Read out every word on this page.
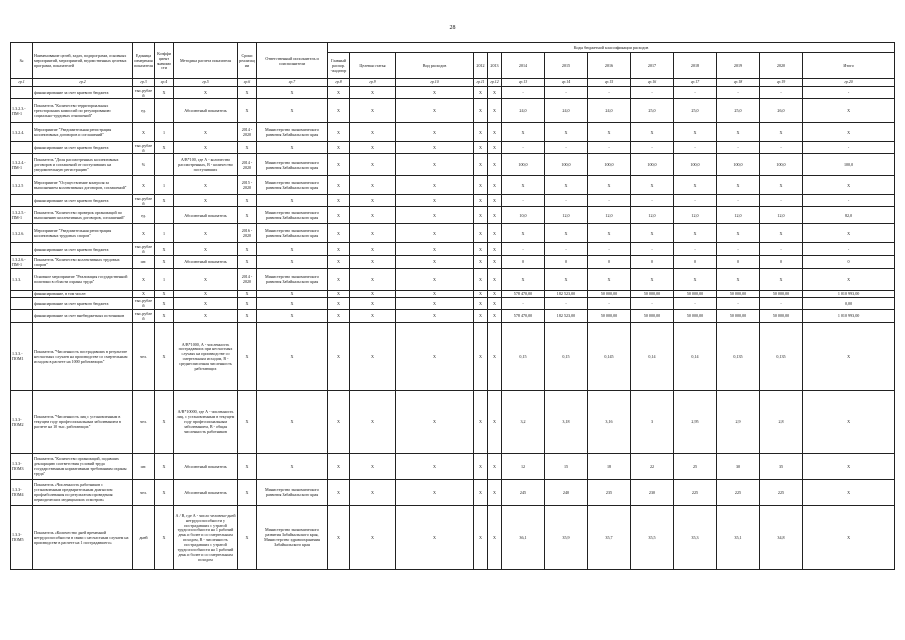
28
№	Наименование целей, задач, подпрограмм, основных мероприятий, мероприятий, ведомственных целевых программ, показателей	Единица измерения показателя	Коэффи циент значимо сти	Методика расчета показателя	Сроки реализац ии	Ответственный исполнитель и соисполнители	Коды бюджетной классификации расходов												
							Главный распор. -жадатор	Целевая статья	Вид расходов	2012	2013	2014	2015	2016	2017	2018	2019	2020	Итого
гр.1	гр.2	гр.3	гр.4	гр.5	гр.6	гр.7	гр.8	гр.9	гр.10	гр.11	гр.12	гр.13	гр.14	гр.15	гр.16	гр.17	гр.18	гр.19	гр.20
	финансирование за счет краевого бюджета	тыс.рублей	Х	Х	Х	Х	Х	Х	Х	Х	Х	-	-	-	-	-	-	-	-
1.3.2.3.-ПМ-1	Показатель "Количество территориальных трехсторонних комиссий по регулированию социально-трудовых отношений"	ед.		Абсолютный показатель	Х	Х	Х	Х	Х	Х	Х	24,0	24,0	24,0	25,0	25,0	25,0	26,0	Х
1.3.2.4.	Мероприятие "Уведомительная регистрация коллективных договоров и соглашений"	Х	1	Х	2014 - 2020	Министерство экономического развития Забайкальского края	Х	Х	Х	Х	Х	Х	Х	Х	Х	Х	Х	Х	Х
	финансирование за счет краевого бюджета	тыс.рублей	Х	Х	Х	Х	Х	Х	Х	Х	Х	-	-	-	-	-	-	-	-
1.3.2.4.-ПМ-1	Показатель "Доля рассмотренных коллективных договоров и соглашений от поступивших на уведомительную регистрацию"	%		А/В*100, где А - количество рассмотренных, В - количество поступивших	2014 - 2020	Министерство экономического развития Забайкальского края	Х	Х	Х	Х	Х	100,0	100,0	100,0	100,0	100,0	100,0	100,0	100,0
1.3.2.5	Мероприятие "Осуществление контроля за выполнением коллективных договоров, соглашений"	Х	1	Х	2015 - 2020	Министерство экономического развития Забайкальского края	Х	Х	Х	Х	Х	Х	Х	Х	Х	Х	Х	Х	Х
	финансирование за счет краевого бюджета	тыс.рублей	Х	Х	Х	Х	Х	Х	Х	Х	Х	-	-	-	-	-	-	-	-
1.3.2.5.-ПМ-1	Показатель "Количество проверок организаций по выполнению коллективных договоров, соглашений"	ед.		Абсолютный показатель	Х	Министерство экономического развития Забайкальского края	Х	Х	Х	Х	Х	10,0	12,0	12,0	12,0	12,0	12,0	12,0	82,0
1.3.2.6.	Мероприятие "Уведомительная регистрация коллективных трудовых споров"	Х	1	Х	2016 - 2020	Министерство экономического развития Забайкальского края	Х	Х	Х	Х	Х	Х	Х	Х	Х	Х	Х	Х	Х
	финансирование за счет краевого бюджета	тыс.рублей	Х	Х	Х	Х	Х	Х	Х	Х	Х	-	-	-	-	-	-	-	-
1.3.2.6.-ПМ-1	Показатель "Количество коллективных трудовых споров"	шт.	Х	Абсолютный показатель	Х	Х	Х	Х	Х	Х	Х	0	0	0	0	0	0	0	0
1.3.3.	Основное мероприятие "Реализация государственной политики в области охраны труда"	Х	1	Х	2014 - 2020	Министерство экономического развития Забайкальского края	Х	Х	Х	Х	Х	Х	Х	Х	Х	Х	Х	Х	Х
	финансирование, в том числе:	Х	Х	Х	Х	Х	Х	Х	Х	Х	Х	578 470,00	182 523,00	50 000,00	50 000,00	50 000,00	50 000,00	50 000,00	1 010 993,00
	финансирование за счет краевого бюджета	тыс.рублей	Х	Х	Х	Х	Х	Х	Х	Х	Х	-	-	-	-	-	-	-	0,00
	финансирование за счет внебюджетных источников	тыс.рублей	Х	Х	Х	Х	Х	Х	Х	Х	Х	578 470,00	182 523,00	50 000,00	50 000,00	50 000,00	50 000,00	50 000,00	1 010 993,00
1.3.3.-ПОМ1	Показатель "Численность пострадавших в результате несчастных случаев на производстве со смертельным исходом в расчете на 1000 работающих"	чел.	Х	А/В*1000, А - численность пострадавших при несчастных случаях на производстве со смертельным исходом, В - среднесписочная численность работающих	Х	Х	Х	Х	Х	Х	Х	0,15	0,15	0,145	0,14	0,14	0,135	0,135	Х
1.3.3-ПОМ2	Показатель "Численность лиц с установленным в текущем году профессиональным заболеванием в расчете на 10 тыс. работающих"	чел.	Х	А/В*10000, где А - численность лиц, с установленным в текущем году профессиональным заболеванием, В - общая численность работников	Х	Х	Х	Х	Х	Х	Х	3,2	3,18	3,16	3	2,95	2,9	2,8	Х
1.3.3-ПОМ3	Показатель "Количество организаций, подавших декларацию соответствия условий труда государственным нормативным требованиям охраны труда"	шт.	Х	Абсолютный показатель	Х	Х	Х	Х	Х	Х	Х	12	15	18	22	25	30	35	Х
1.3.3-ПОМ4	Показатель «Численность работников с установленным предварительным диагнозом профзаболевания по результатам проведения периодических медицинских осмотров»	чел.	Х	Абсолютный показатель	Х	Министерство экономического развития Забайкальского края	Х	Х	Х	Х	Х	245	240	235	230	225	225	225	Х
1.3.3-ПОМ5	Показатель «Количество дней временной нетрудоспособности в связи с несчастным случаем на производстве в расчете на 1 пострадавшего»	дней	Х	А / В, где А - число человеко-дней нетрудоспособности у пострадавших с утратой трудоспособности на 1 рабочий день и более и со смертельным исходом, В - численность пострадавших с утратой трудоспособности на 1 рабочий день и более и со смертельным исходом	Х	Министерство экономического развития Забайкальского края, Министерство здравоохранения Забайкальского края	Х	Х	Х	Х	Х	36,1	35,9	35,7	35,5	35,3	35,1	34,8	Х
